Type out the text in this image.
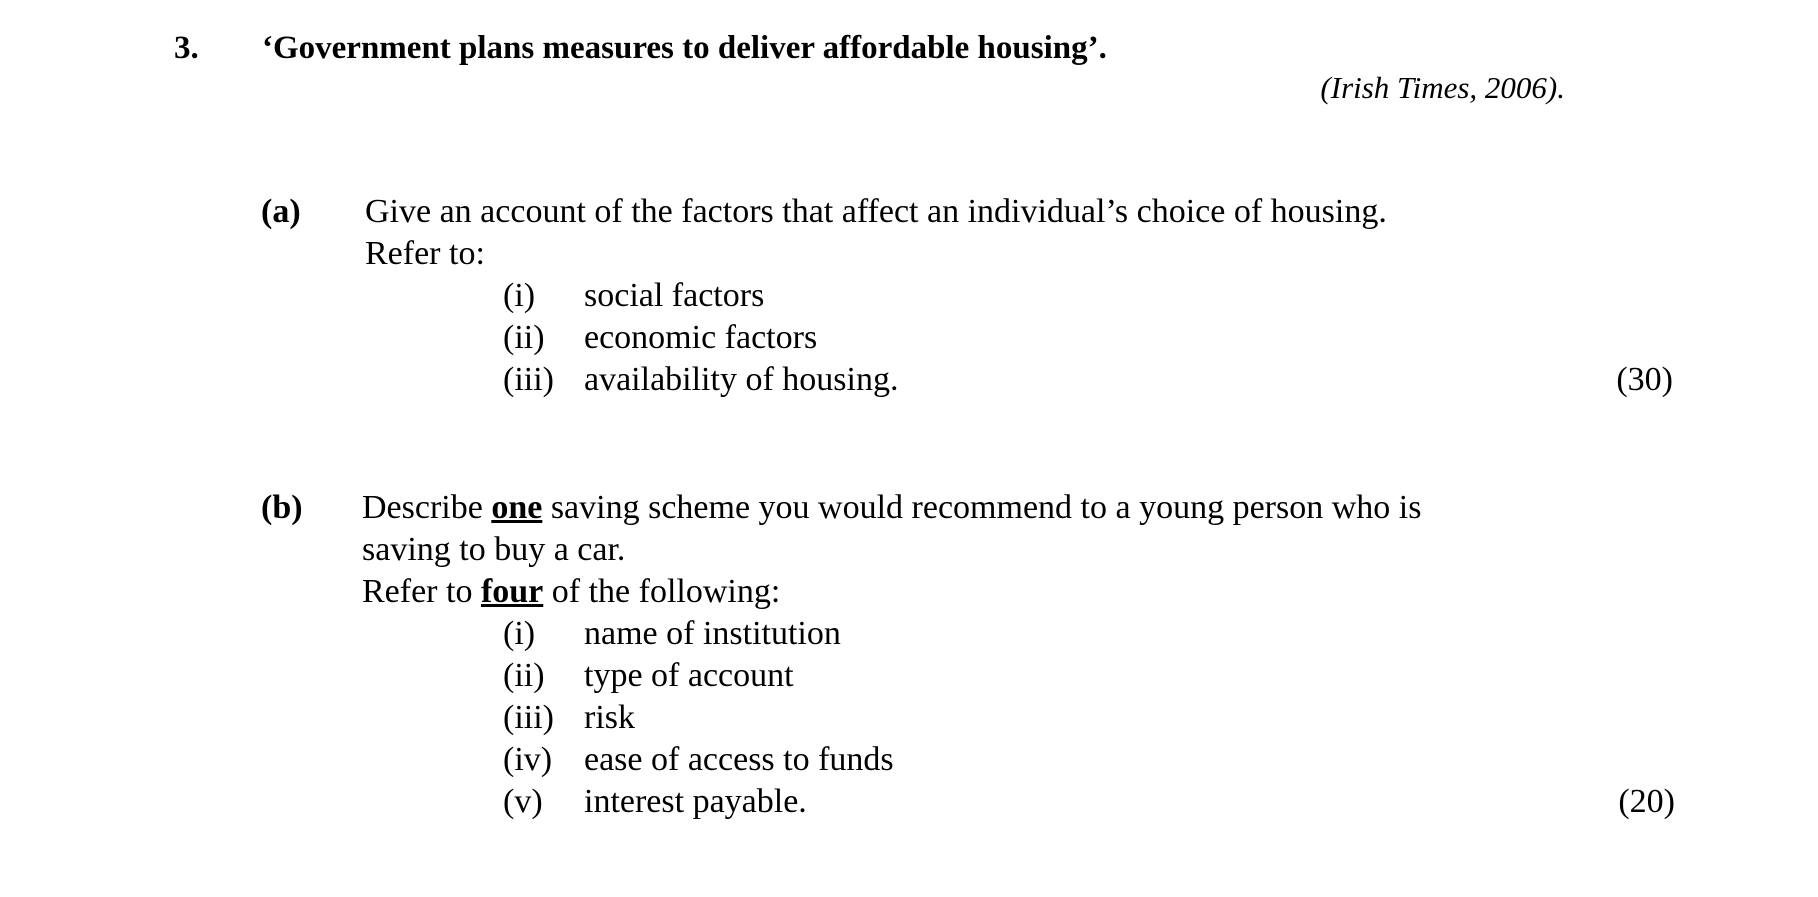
3. ‘Government plans measures to deliver affordable housing’.
(Irish Times, 2006).
(a) Give an account of the factors that affect an individual’s choice of housing.
Refer to:
(i) social factors
(ii) economic factors
(iii) availability of housing.	(30)
(b) Describe one saving scheme you would recommend to a young person who is
saving to buy a car.
Refer to four of the following:
(i) name of institution
(ii) type of account
(iii) risk
(iv) ease of access to funds
(v) interest payable.	(20)
